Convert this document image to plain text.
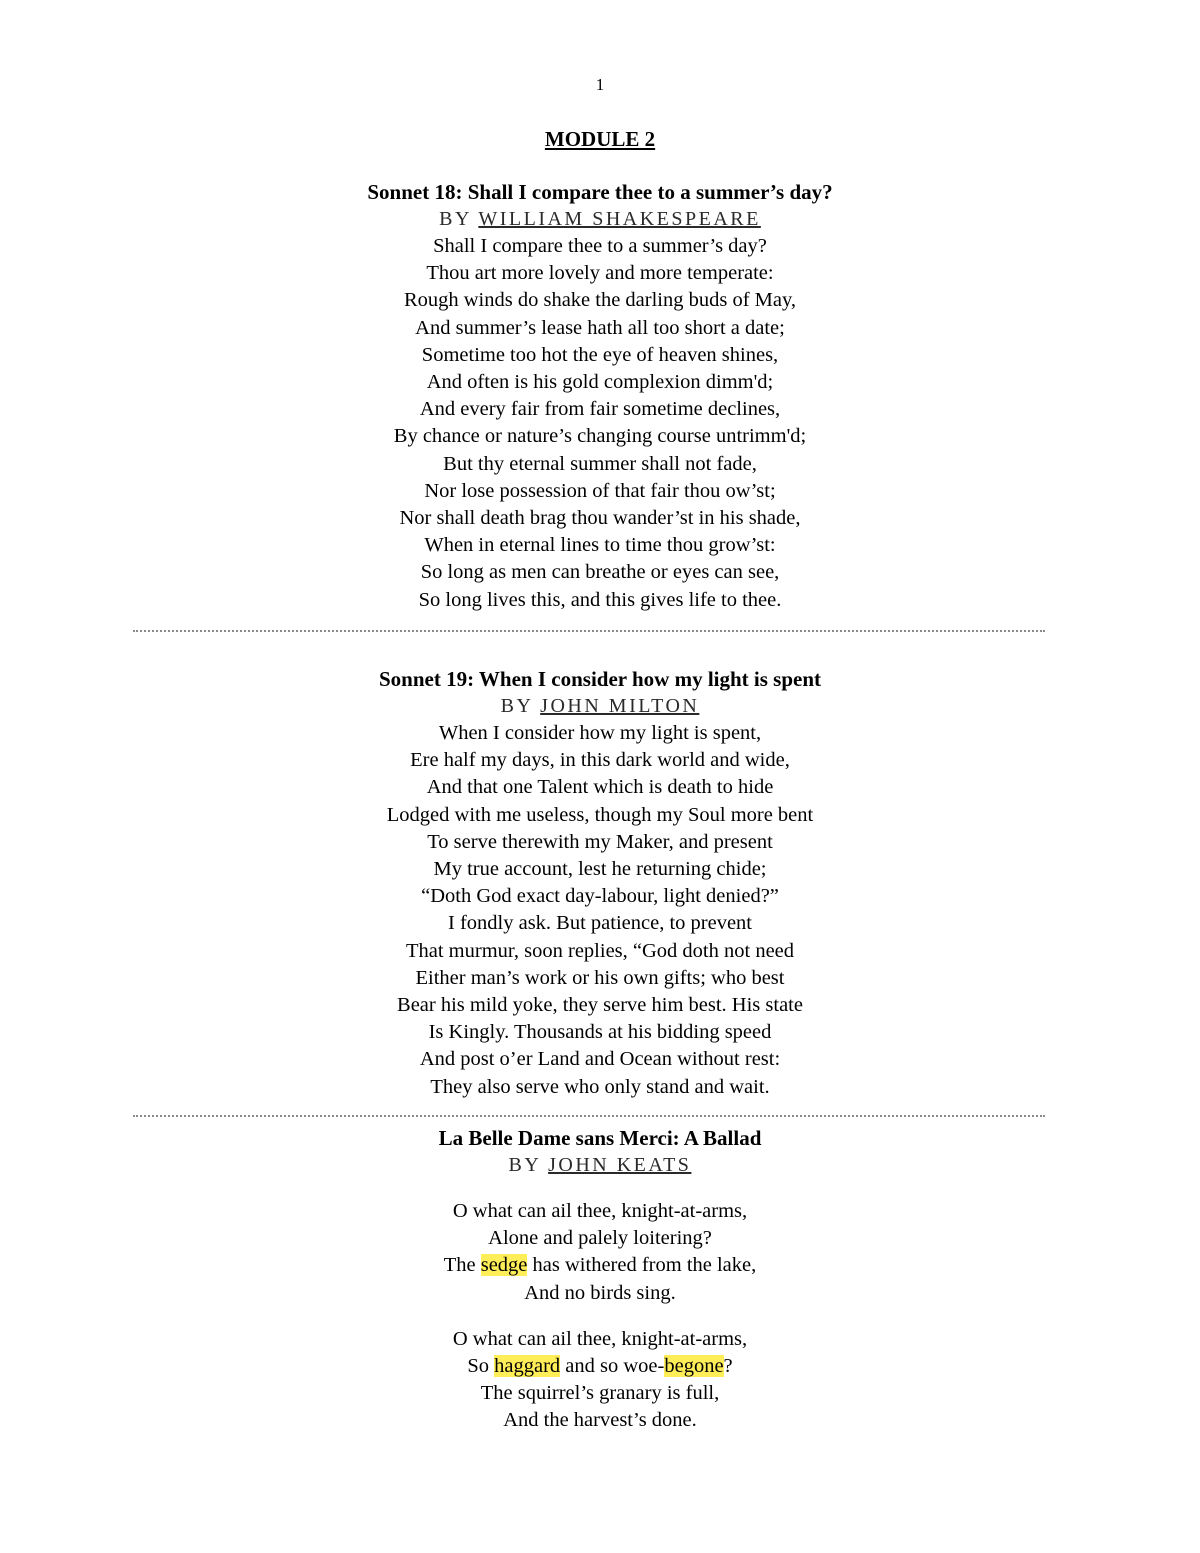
1
MODULE 2
Sonnet 18: Shall I compare thee to a summer’s day?
BY WILLIAM SHAKESPEARE
Shall I compare thee to a summer’s day?
Thou art more lovely and more temperate:
Rough winds do shake the darling buds of May,
And summer’s lease hath all too short a date;
Sometime too hot the eye of heaven shines,
And often is his gold complexion dimm'd;
And every fair from fair sometime declines,
By chance or nature’s changing course untrimm'd;
But thy eternal summer shall not fade,
Nor lose possession of that fair thou ow’st;
Nor shall death brag thou wander’st in his shade,
When in eternal lines to time thou grow’st:
So long as men can breathe or eyes can see,
So long lives this, and this gives life to thee.
Sonnet 19: When I consider how my light is spent
BY JOHN MILTON
When I consider how my light is spent,
Ere half my days, in this dark world and wide,
And that one Talent which is death to hide
Lodged with me useless, though my Soul more bent
To serve therewith my Maker, and present
My true account, lest he returning chide;
“Doth God exact day-labour, light denied?”
I fondly ask. But patience, to prevent
That murmur, soon replies, “God doth not need
Either man’s work or his own gifts; who best
Bear his mild yoke, they serve him best. His state
Is Kingly. Thousands at his bidding speed
And post o’er Land and Ocean without rest:
They also serve who only stand and wait.
La Belle Dame sans Merci: A Ballad
BY JOHN KEATS
O what can ail thee, knight-at-arms,
Alone and palely loitering?
The sedge has withered from the lake,
And no birds sing.
O what can ail thee, knight-at-arms,
So haggard and so woe-begone?
The squirrel’s granary is full,
And the harvest’s done.
